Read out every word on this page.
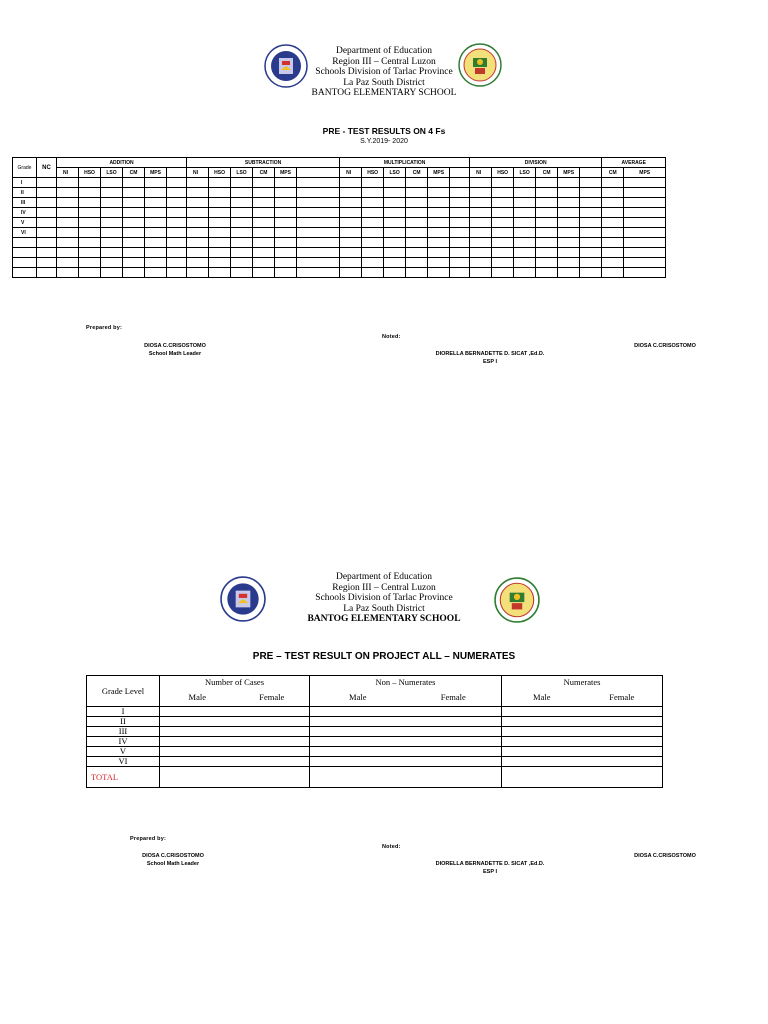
Department of Education
Region III – Central Luzon
Schools Division of Tarlac Province
La Paz South District
BANTOG ELEMENTARY SCHOOL
PRE - TEST RESULTS ON 4 Fs
S.Y.2019- 2020
Grade	NC	ADDITION						SUBTRACTION						MULTIPLICATION						DIVISION						AVERAGE	
		NI	HSO	LSO	CM	MPS		NI	HSO	LSO	CM	MPS		NI	HSO	LSO	CM	MPS		NI	HSO	LSO	CM	MPS		CM	MPS
I																											
II																											
III																											
IV																											
V																											
VI																											

Prepared by:
Noted:
DIOSA C.CRISOSTOMO
School Math Leader	DIORELLA BERNADETTE D. SICAT ,Ed.D.
ESP I
DIOSA C.CRISOSTOMO
Department of Education
Region III – Central Luzon
Schools Division of Tarlac Province
La Paz South District
BANTOG ELEMENTARY SCHOOL
PRE – TEST RESULT ON PROJECT ALL – NUMERATES
Grade Level	Number of Cases		Non – Numerates		Numerates	
	Male	Female	Male	Female	Male	Female
I						
II						
III						
IV						
V						
VI						
TOTAL						
Prepared by:
Noted:
DIOSA C.CRISOSTOMO
School Math Leader	DIORELLA BERNADETTE D. SICAT ,Ed.D.
ESP I
DIOSA C.CRISOSTOMO
